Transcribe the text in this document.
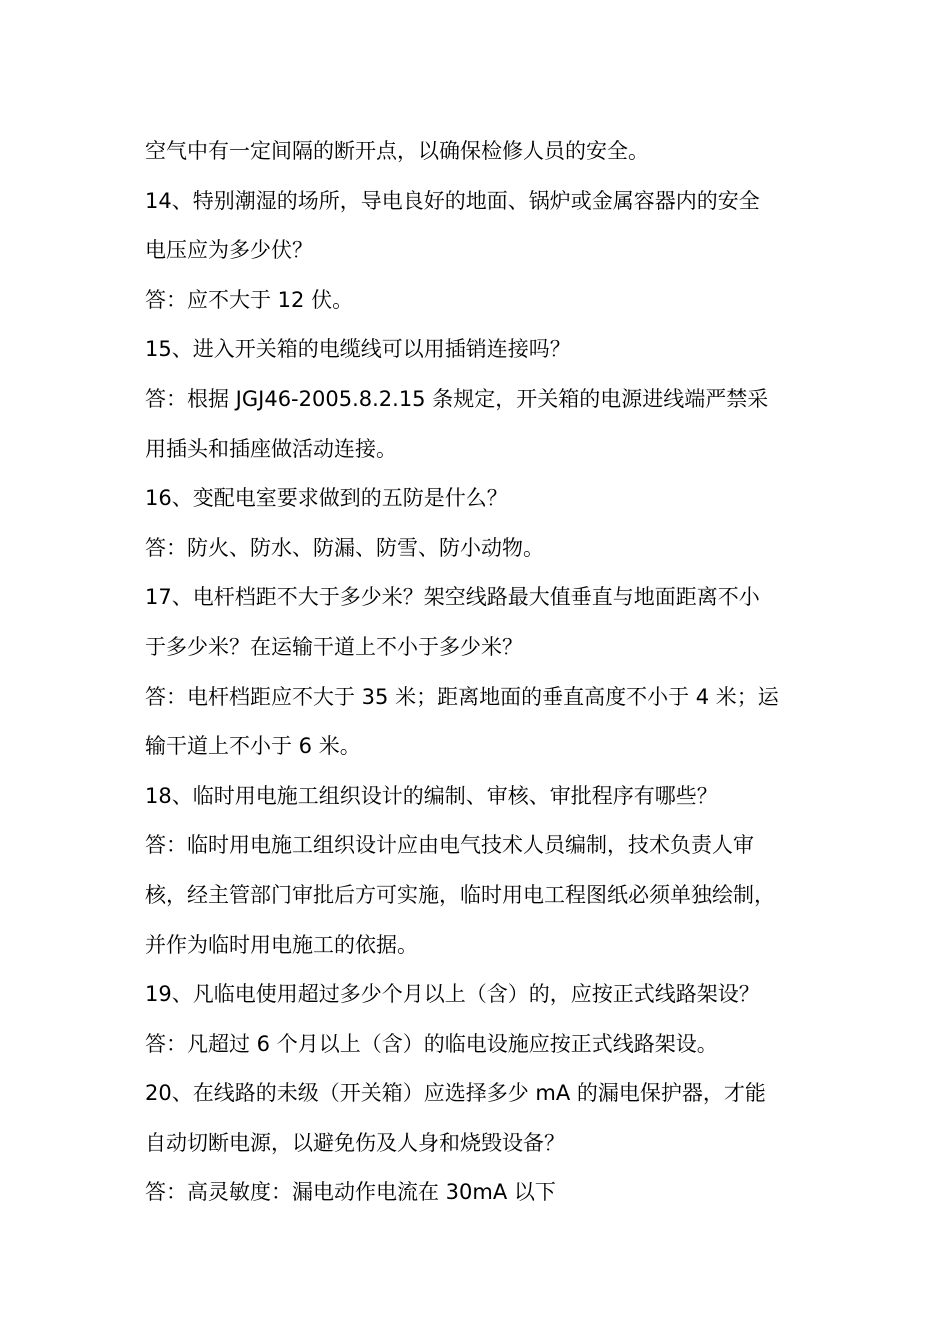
空气中有一定间隔的断开点，以确保检修人员的安全。
14、特别潮湿的场所，导电良好的地面、锅炉或金属容器内的安全
电压应为多少伏？
答：应不大于 12 伏。
15、进入开关箱的电缆线可以用插销连接吗？
答：根据 JGJ46-2005.8.2.15 条规定，开关箱的电源进线端严禁采
用插头和插座做活动连接。
16、变配电室要求做到的五防是什么？
答：防火、防水、防漏、防雪、防小动物。
17、电杆档距不大于多少米？架空线路最大值垂直与地面距离不小
于多少米？在运输干道上不小于多少米？
答：电杆档距应不大于 35 米；距离地面的垂直高度不小于 4 米；运
输干道上不小于 6 米。
18、临时用电施工组织设计的编制、审核、审批程序有哪些？
答：临时用电施工组织设计应由电气技术人员编制，技术负责人审
核，经主管部门审批后方可实施，临时用电工程图纸必须单独绘制，
并作为临时用电施工的依据。
19、凡临电使用超过多少个月以上（含）的，应按正式线路架设？
答：凡超过 6 个月以上（含）的临电设施应按正式线路架设。
20、在线路的未级（开关箱）应选择多少 mA 的漏电保护器，才能
自动切断电源，以避免伤及人身和烧毁设备？
答：高灵敏度：漏电动作电流在 30mA 以下
